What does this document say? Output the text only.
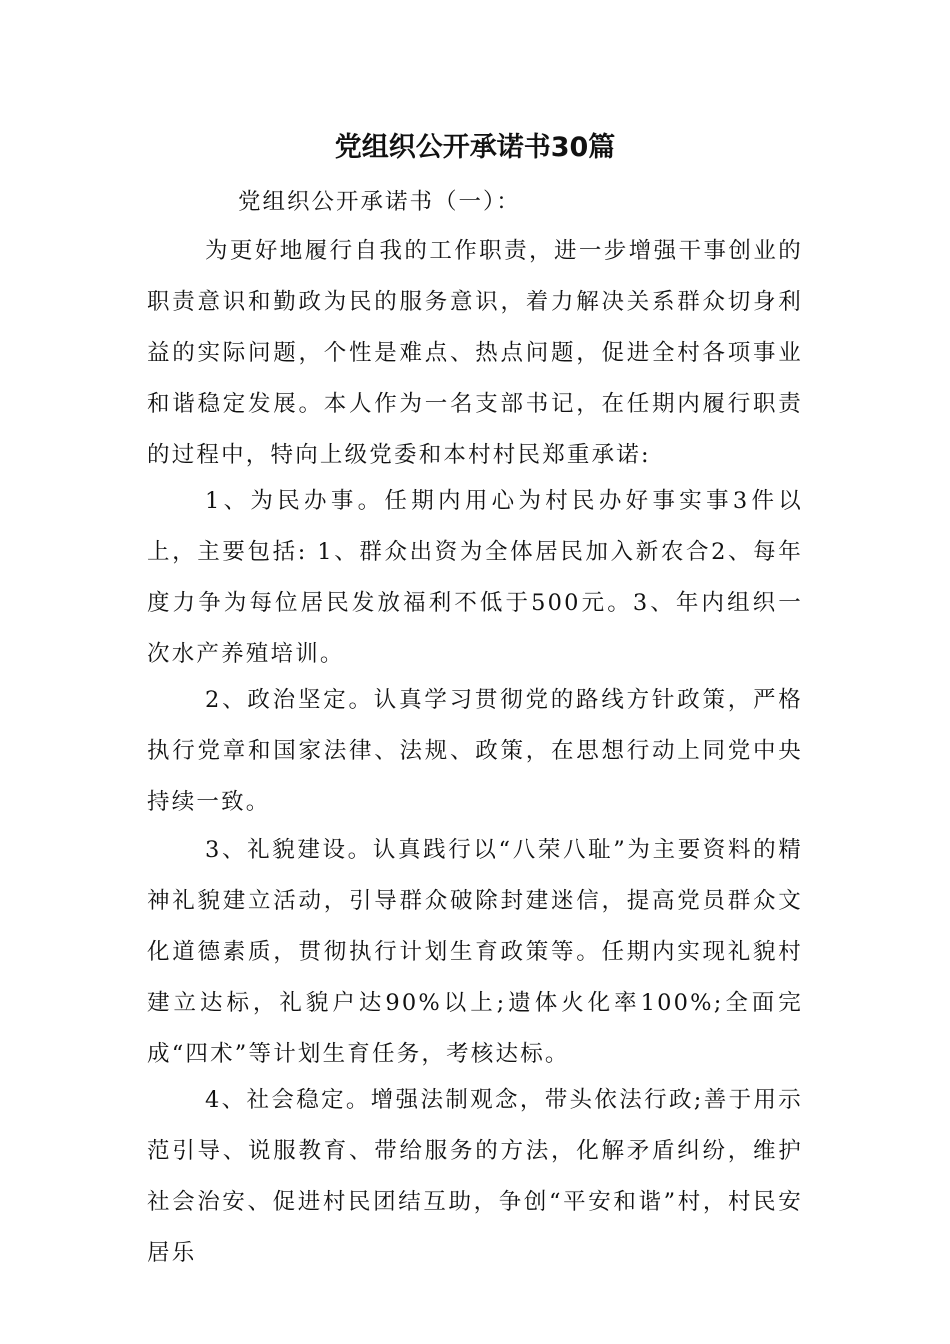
党组织公开承诺书30篇

党组织公开承诺书（一）：

为更好地履行自我的工作职责，进一步增强干事创业的职责意识和勤政为民的服务意识，着力解决关系群众切身利益的实际问题，个性是难点、热点问题，促进全村各项事业和谐稳定发展。本人作为一名支部书记，在任期内履行职责的过程中，特向上级党委和本村村民郑重承诺:

1、为民办事。任期内用心为村民办好事实事3件以上，主要包括: 1、群众出资为全体居民加入新农合2、每年度力争为每位居民发放福利不低于500元。3、年内组织一次水产养殖培训。

2、政治坚定。认真学习贯彻党的路线方针政策，严格执行党章和国家法律、法规、政策，在思想行动上同党中央持续一致。

3、礼貌建设。认真践行以“八荣八耻”为主要资料的精神礼貌建立活动，引导群众破除封建迷信，提高党员群众文化道德素质，贯彻执行计划生育政策等。任期内实现礼貌村建立达标，礼貌户达90%以上;遗体火化率100%;全面完成“四术”等计划生育任务，考核达标。

4、社会稳定。增强法制观念，带头依法行政;善于用示范引导、说服教育、带给服务的方法，化解矛盾纠纷，维护社会治安、促进村民团结互助，争创“平安和谐”村，村民安居乐
